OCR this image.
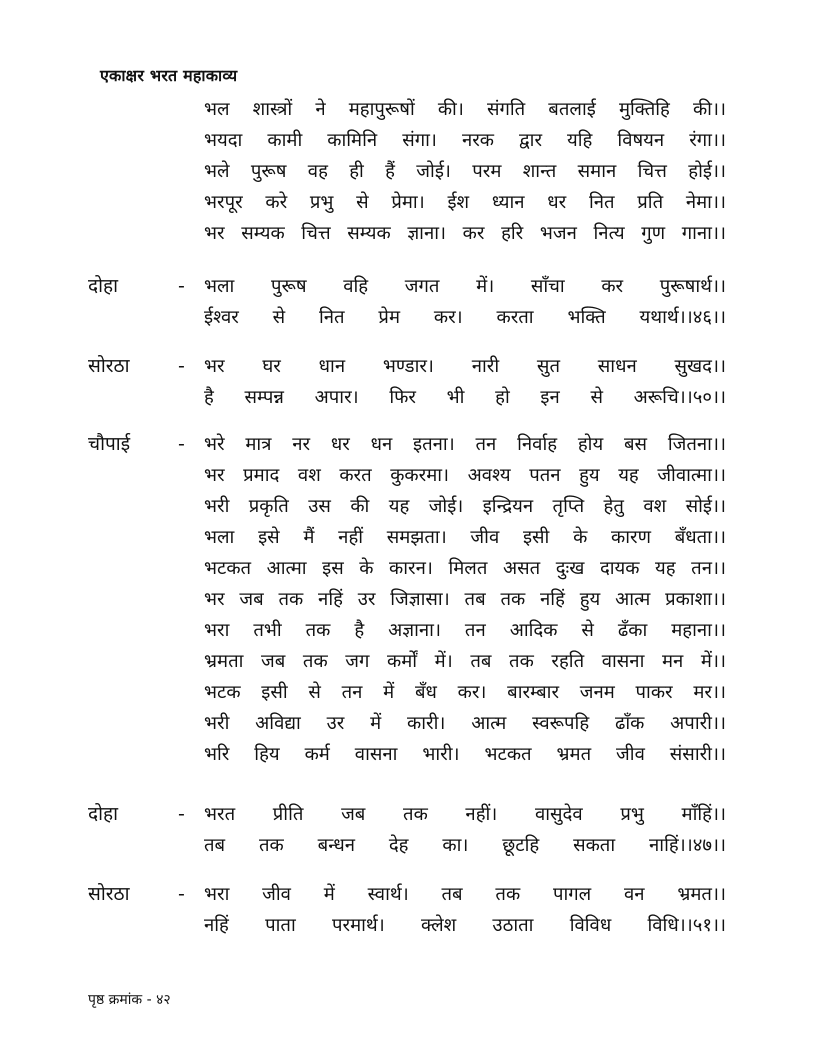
एकाक्षर भरत महाकाव्य
भल शास्त्रों ने महापुरूषों की। संगति बतलाई मुक्तिहि की।।
भयदा कामी कामिनि संगा। नरक द्वार यहि विषयन रंगा।।
भले पुरूष वह ही हैं जोई। परम शान्त समान चित्त होई।।
भरपूर करे प्रभु से प्रेमा। ईश ध्यान धर नित प्रति नेमा।।
भर सम्यक चित्त सम्यक ज्ञाना। कर हरि भजन नित्य गुण गाना।।
दोहा	- भला पुरूष वहि जगत में। साँचा कर पुरूषार्थ।।
ईश्वर से नित प्रेम कर। करता भक्ति यथार्थ।।४६।।
सोरठा	- भर घर धान भण्डार। नारी सुत साधन सुखद।।
है सम्पन्न अपार। फिर भी हो इन से अरूचि।।५०।।
चौपाई	- भरे मात्र नर धर धन इतना। तन निर्वाह होय बस जितना।।
भर प्रमाद वश करत कुकरमा। अवश्य पतन हुय यह जीवात्मा।।
भरी प्रकृति उस की यह जोई। इन्द्रियन तृप्ति हेतु वश सोई।।
भला इसे मैं नहीं समझता। जीव इसी के कारण बँधता।।
भटकत आत्मा इस के कारन। मिलत असत दुःख दायक यह तन।।
भर जब तक नहिं उर जिज्ञासा। तब तक नहिं हुय आत्म प्रकाशा।।
भरा तभी तक है अज्ञाना। तन आदिक से ढँका महाना।।
भ्रमता जब तक जग कर्मों में। तब तक रहति वासना मन में।।
भटक इसी से तन में बँध कर। बारम्बार जनम पाकर मर।।
भरी अविद्या उर में कारी। आत्म स्वरूपहि ढाँक अपारी।।
भरि हिय कर्म वासना भारी। भटकत भ्रमत जीव संसारी।।
दोहा	- भरत प्रीति जब तक नहीं। वासुदेव प्रभु माँहिं।।
तब तक बन्धन देह का। छूटहि सकता नाहिं।।४७।।
सोरठा	- भरा जीव में स्वार्थ। तब तक पागल वन भ्रमत।।
नहिं पाता परमार्थ। क्लेश उठाता विविध विधि।।५१।।
पृष्ठ क्रमांक - ४२
